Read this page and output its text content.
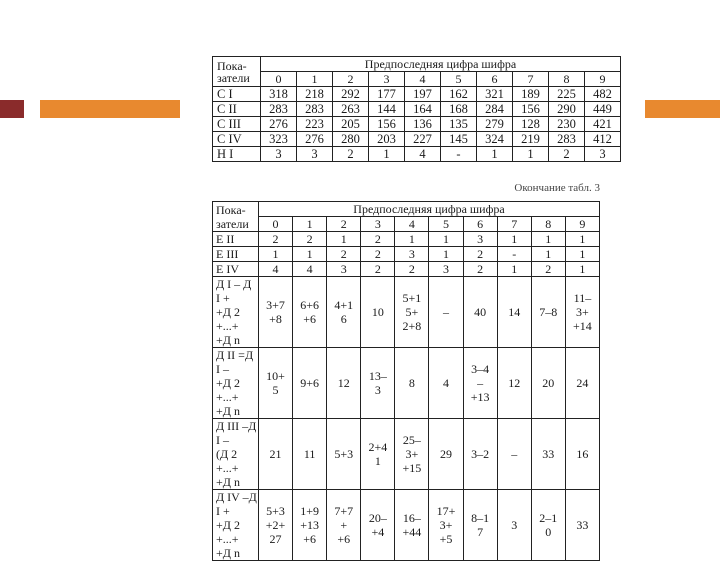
Пока-
затели	Предпоследняя цифра шифра									
	0	1	2	3	4	5	6	7	8	9
C I	318	218	292	177	197	162	321	189	225	482
C II	283	283	263	144	164	168	284	156	290	449
C III	276	223	205	156	136	135	279	128	230	421
C IV	323	276	280	203	227	145	324	219	283	412
H I	3	3	2	1	4	-	1	1	2	3
Окончание табл. 3
Пока-
затели	Предпоследняя цифра шифра									
	0	1	2	3	4	5	6	7	8	9
E II	2	2	1	2	1	1	3	1	1	1
E III	1	1	2	2	3	1	2	-	1	1
E IV	4	4	3	2	2	3	2	1	2	1

Д I – Д I +
+Д 2 +...+
+Д n	3+7
+8	6+6
+6	4+1
6	10	5+1
5+
2+8	–	40	14	7–8	11–
3+
+14

Д II =Д I –
+Д 2 +...+
+Д n	10+
5	9+6	12	13–
3	8	4	3–4
–
+13	12	20	24

Д III –Д I –
(Д 2 +...+
+Д n	21	11	5+3	2+4
1	25–
3+
+15	29	3–2	–	33	16

Д IV –Д I +
+Д 2 +...+
+Д n	5+3
+2+
27	1+9
+13
+6	7+7
+
+6	20–
+4	16–
+44	17+
3+
+5	8–1
7	3	2–1
0	33
